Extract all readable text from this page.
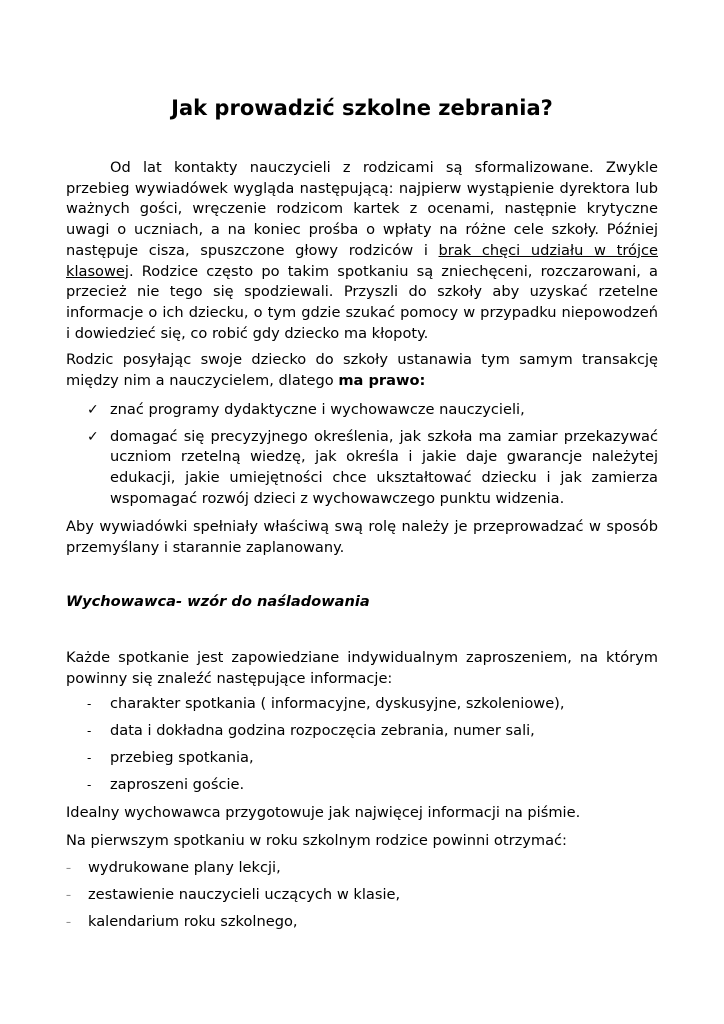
Jak prowadzić szkolne zebrania?

Od lat kontakty nauczycieli z rodzicami są sformalizowane. Zwykle przebieg wywiadówek wygląda następującą: najpierw wystąpienie dyrektora lub ważnych gości, wręczenie rodzicom kartek z ocenami, następnie krytyczne uwagi o uczniach, a na koniec prośba o wpłaty na różne cele szkoły. Później następuje cisza, spuszczone głowy rodziców i brak chęci udziału w trójce klasowej. Rodzice często po takim spotkaniu są zniechęceni, rozczarowani, a przecież nie tego się spodziewali. Przyszli do szkoły aby uzyskać rzetelne informacje o ich dziecku, o tym gdzie szukać pomocy w przypadku niepowodzeń i dowiedzieć się, co robić gdy dziecko ma kłopoty.

Rodzic posyłając swoje dziecko do szkoły ustanawia tym samym transakcję między nim a nauczycielem, dlatego ma prawo:

✓ znać programy dydaktyczne i wychowawcze nauczycieli,
✓ domagać się precyzyjnego określenia, jak szkoła ma zamiar przekazywać uczniom rzetelną wiedzę, jak określa i jakie daje gwarancje należytej edukacji, jakie umiejętności chce ukształtować dziecku i jak zamierza wspomagać rozwój dzieci z wychowawczego punktu widzenia.

Aby wywiadówki spełniały właściwą swą rolę należy je przeprowadzać w sposób przemyślany i starannie zaplanowany.

Wychowawca- wzór do naśladowania

Każde spotkanie jest zapowiedziane indywidualnym zaproszeniem, na którym powinny się znaleźć następujące informacje:

- charakter spotkania ( informacyjne, dyskusyjne, szkoleniowe),
- data i dokładna godzina rozpoczęcia zebrania, numer sali,
- przebieg spotkania,
- zaproszeni goście.

Idealny wychowawca przygotowuje jak najwięcej informacji na piśmie.

Na pierwszym spotkaniu w roku szkolnym rodzice powinni otrzymać:

– wydrukowane plany lekcji,
– zestawienie nauczycieli uczących w klasie,
– kalendarium roku szkolnego,
